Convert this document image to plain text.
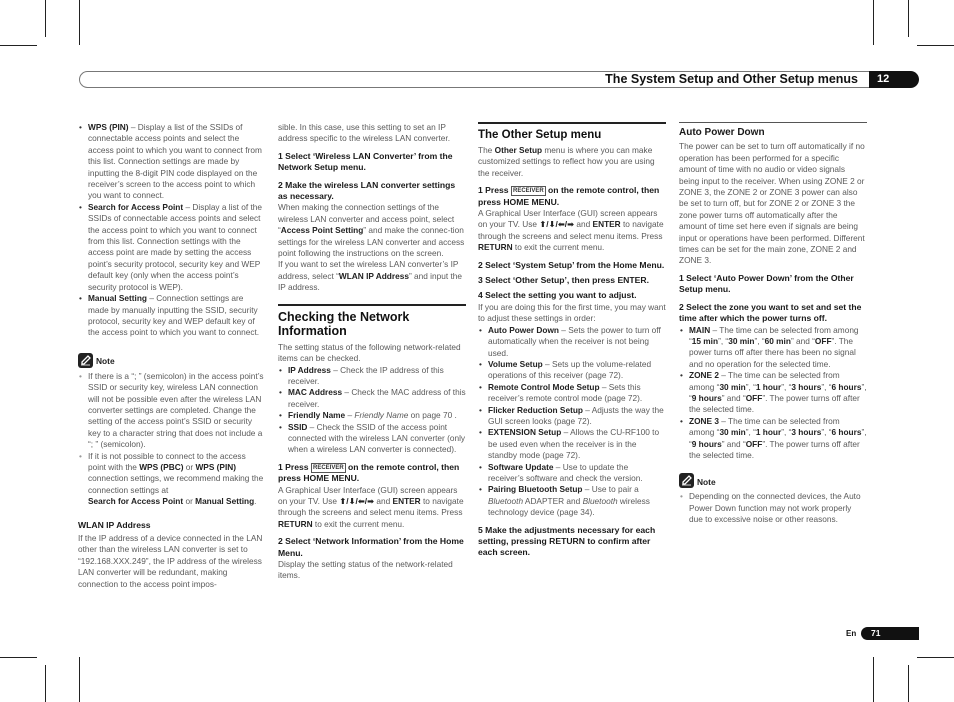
The System Setup and Other Setup menus	12

• WPS (PIN) – Display a list of the SSIDs of connectable access points and select the access point to which you want to connect from this list. Connection settings are made by inputting the 8-digit PIN code displayed on the receiver’s screen to the access point to which you want to connect.

• Search for Access Point – Display a list of the SSIDs of connectable access points and select the access point to which you want to connect from this list. Connection settings with the access point are made by setting the access point’s security protocol, security key and WEP default key (only when the access point’s security protocol is WEP).

• Manual Setting – Connection settings are made by manually inputting the SSID, security protocol, security key and WEP default key of the access point to which you want to connect.

Note

• If there is a “; ” (semicolon) in the access point’s SSID or security key, wireless LAN connection will not be possible even after the wireless LAN converter settings are completed. Change the setting of the access point’s SSID or security key to a character string that does not include a “; ” (semicolon).

• If it is not possible to connect to the access point with the WPS (PBC) or WPS (PIN) connection settings, we recommend making the connection settings at
Search for Access Point or Manual Setting.

WLAN IP Address

If the IP address of a device connected in the LAN other than the wireless LAN converter is set to “192.168.XXX.249”, the IP address of the wireless LAN converter will be redundant, making connection to the access point impos-

sible. In this case, use this setting to set an IP address specific to the wireless LAN converter.

1 Select ‘Wireless LAN Converter’ from the Network Setup menu.

2 Make the wireless LAN converter settings as necessary.

When making the connection settings of the wireless LAN converter and access point, select “Access Point Setting” and make the connec-tion settings for the wireless LAN converter and access point following the instructions on the screen.

If you want to set the wireless LAN converter’s IP address, select “WLAN IP Address” and input the IP address.

Checking the Network Information

The setting status of the following network-related items can be checked.

• IP Address – Check the IP address of this receiver.

• MAC Address – Check the MAC address of this receiver.

• Friendly Name – Friendly Name on page 70 .

• SSID – Check the SSID of the access point connected with the wireless LAN converter (only when a wireless LAN converter is connected).

1 Press RECEIVER on the remote control, then press HOME MENU.

A Graphical User Interface (GUI) screen appears on your TV. Use ⬆/⬇/⬅/➡ and ENTER to navigate through the screens and select menu items. Press RETURN to exit the current menu.

2 Select ‘Network Information’ from the Home Menu.

Display the setting status of the network-related items.

The Other Setup menu

The Other Setup menu is where you can make customized settings to reflect how you are using the receiver.

1 Press RECEIVER on the remote control, then press HOME MENU.

A Graphical User Interface (GUI) screen appears on your TV. Use ⬆/⬇/⬅/➡ and ENTER to navigate through the screens and select menu items. Press RETURN to exit the current menu.

2 Select ‘System Setup’ from the Home Menu.

3 Select ‘Other Setup’, then press ENTER.

4 Select the setting you want to adjust.

If you are doing this for the first time, you may want to adjust these settings in order:

• Auto Power Down – Sets the power to turn off automatically when the receiver is not being used.

• Volume Setup – Sets up the volume-related operations of this receiver (page 72).

• Remote Control Mode Setup – Sets this receiver’s remote control mode (page 72).

• Flicker Reduction Setup – Adjusts the way the GUI screen looks (page 72).

• EXTENSION Setup – Allows the CU-RF100 to be used even when the receiver is in the standby mode (page 72).

• Software Update – Use to update the receiver’s software and check the version.

• Pairing Bluetooth Setup – Use to pair a Bluetooth ADAPTER and Bluetooth wireless technology device (page 34).

5 Make the adjustments necessary for each setting, pressing RETURN to confirm after each screen.

Auto Power Down

The power can be set to turn off automatically if no operation has been performed for a specific amount of time with no audio or video signals being input to the receiver. When using ZONE 2 or ZONE 3, the ZONE 2 or ZONE 3 power can also be set to turn off, but for ZONE 2 or ZONE 3 the zone power turns off automatically after the amount of time set here even if signals are being input or operations have been performed. Different times can be set for the main zone, ZONE 2 and ZONE 3.

1 Select ‘Auto Power Down’ from the Other Setup menu.

2 Select the zone you want to set and set the time after which the power turns off.

• MAIN – The time can be selected from among “15 min”, “30 min”, “60 min” and “OFF”. The power turns off after there has been no signal and no operation for the selected time.

• ZONE 2 – The time can be selected from among “30 min”, “1 hour”, “3 hours”, “6 hours”, “9 hours” and “OFF”. The power turns off after the selected time.

• ZONE 3 – The time can be selected from among “30 min”, “1 hour”, “3 hours”, “6 hours”, “9 hours” and “OFF”. The power turns off after the selected time.

Note

• Depending on the connected devices, the Auto Power Down function may not work properly due to excessive noise or other reasons.

En	71
